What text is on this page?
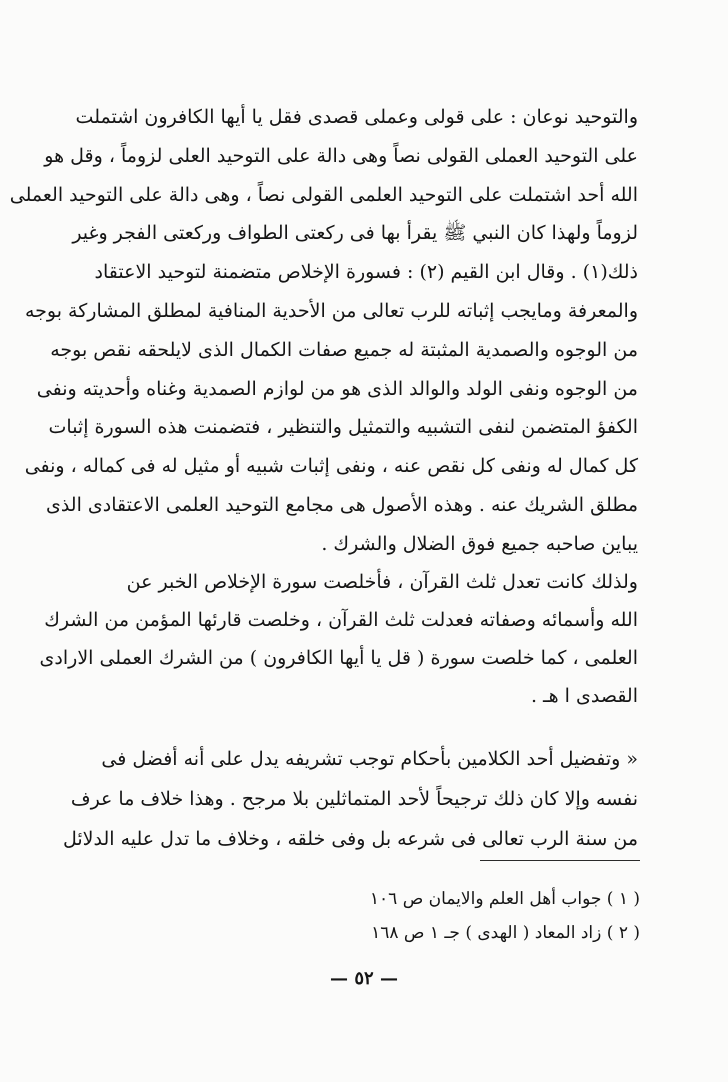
والتوحيد نوعان : على قولى وعملى قصدى فقل يا أيها الكافرون اشتملت
على التوحيد العملى القولى نصاً وهى دالة على التوحيد العلى لزوماً ، وقل هو
الله أحد اشتملت على التوحيد العلمى القولى نصاً ، وهى دالة على التوحيد العملى
لزوماً ولهذا كان النبي ﷺ يقرأ بها فى ركعتى الطواف وركعتى الفجر وغير
ذلك(١) . وقال ابن القيم (٢) : فسورة الإخلاص متضمنة لتوحيد الاعتقاد
والمعرفة ومايجب إثباته للرب تعالى من الأحدية المنافية لمطلق المشاركة بوجه
من الوجوه والصمدية المثبتة له جميع صفات الكمال الذى لايلحقه نقص بوجه
من الوجوه ونفى الولد والوالد الذى هو من لوازم الصمدية وغناه وأحديته ونفى
الكفؤ المتضمن لنفى التشبيه والتمثيل والتنظير ، فتضمنت هذه السورة إثبات
كل كمال له ونفى كل نقص عنه ، ونفى إثبات شبيه أو مثيل له فى كماله ، ونفى
مطلق الشريك عنه . وهذه الأصول هى مجامع التوحيد العلمى الاعتقادى الذى
يباين صاحبه جميع فوق الضلال والشرك .
ولذلك كانت تعدل ثلث القرآن ، فأخلصت سورة الإخلاص الخبر عن
الله وأسمائه وصفاته فعدلت ثلث القرآن ، وخلصت قارئها المؤمن من الشرك
العلمى ، كما خلصت سورة ( قل يا أيها الكافرون ) من الشرك العملى الارادى
القصدى ا هـ .
« وتفضيل أحد الكلامين بأحكام توجب تشريفه يدل على أنه أفضل فى
نفسه وإلا كان ذلك ترجيحاً لأحد المتماثلين بلا مرجح . وهذا خلاف ما عرف
من سنة الرب تعالى فى شرعه بل وفى خلقه ، وخلاف ما تدل عليه الدلائل
( ١ ) جواب أهل العلم والايمان ص ١٠٦
( ٢ ) زاد المعاد ( الهدى ) جـ ١ ص ١٦٨
— ٥٢ —
